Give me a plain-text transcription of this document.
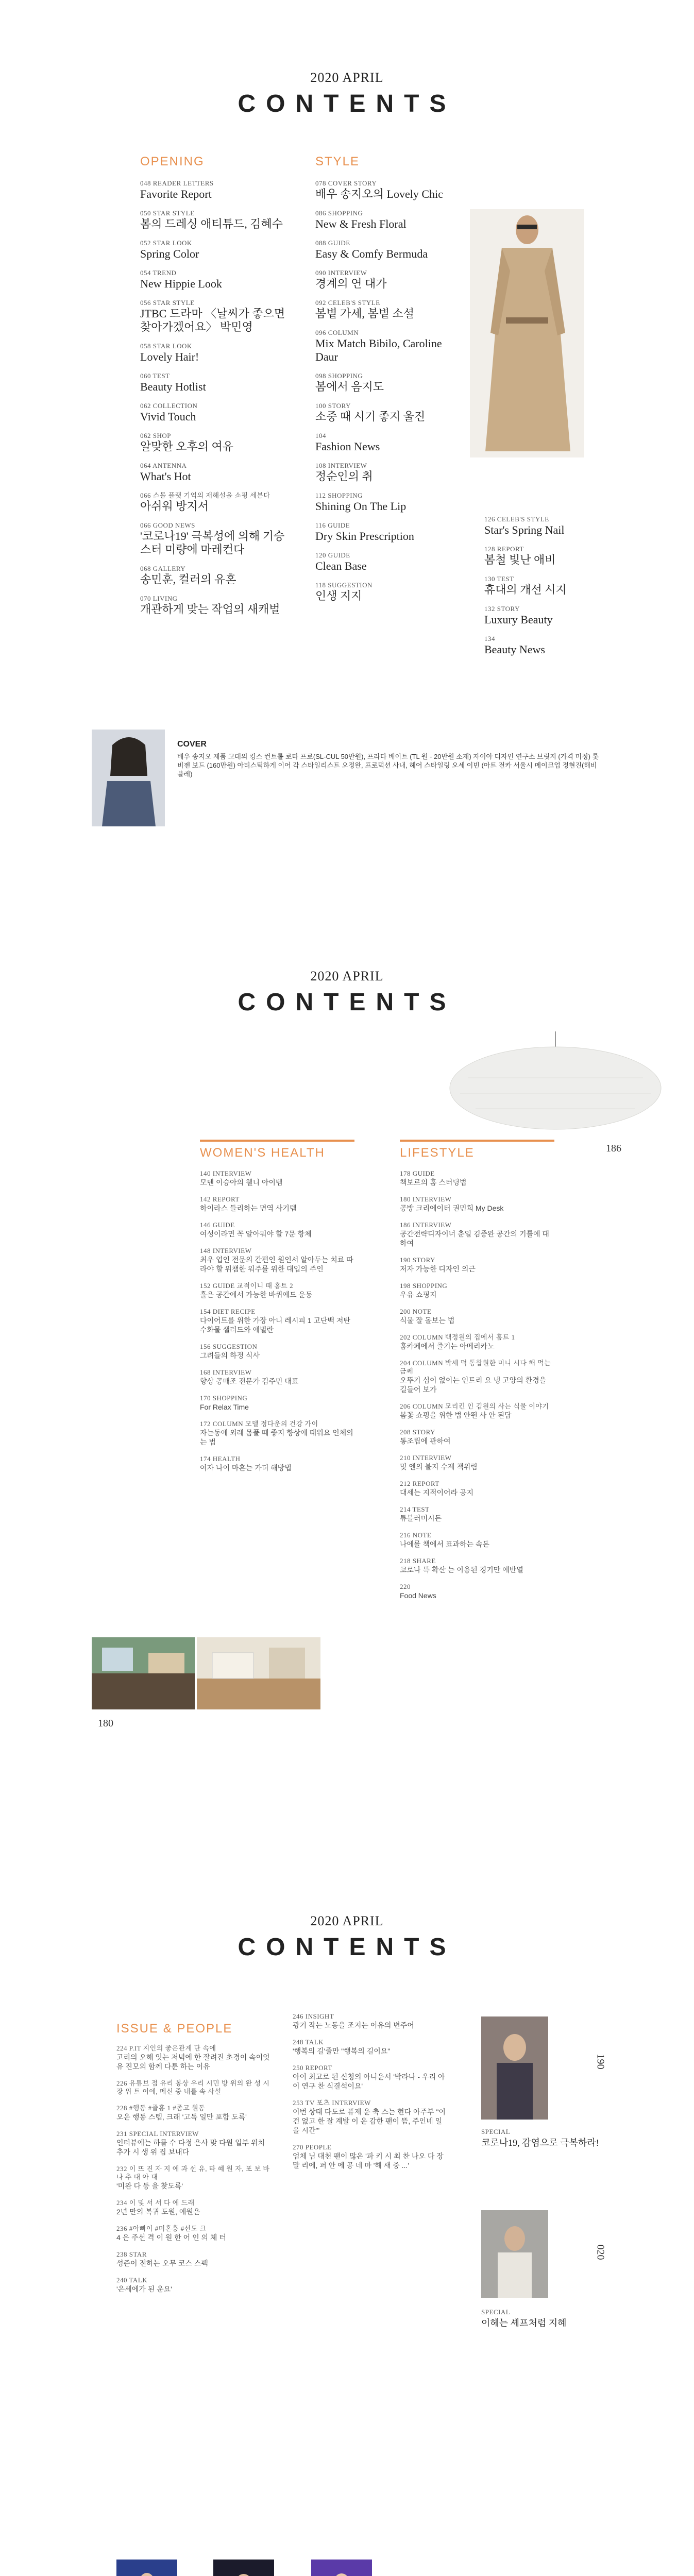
2020 APRIL
CONTENTS
OPENING
048 READER LETTERS
Favorite Report
050 STAR STYLE
봄의 드레싱 애티튜드, 김혜수
052 STAR LOOK
Spring Color
054 TREND
New Hippie Look
056 STAR STYLE
JTBC 드라마 〈날씨가 좋으면 찾아가겠어요〉 박민영
058 STAR LOOK
Lovely Hair!
060 TEST
Beauty Hotlist
062 COLLECTION
Vivid Touch
062 SHOP
알맞한 오후의 여유
064 ANTENNA
What's Hot
066 스몰 플랫 기억의 재해설을 쇼핑 세븐다
아쉬워 방지서
066 GOOD NEWS
'코로나19' 극복성에 의해 기승스터 미량에 마레컨다
068 GALLERY
송민훈, 컬러의 유혼
070 LIVING
개관하게 맞는 작업의 새캐벌
STYLE
078 COVER STORY
배우 송지오의 Lovely Chic
086 SHOPPING
New & Fresh Floral
088 GUIDE
Easy & Comfy Bermuda
090 INTERVIEW
경계의 연 대가
092 CELEB'S STYLE
봄볕 가세, 봄볕 소셜
096 COLUMN
Mix Match Bibilo, Caroline Daur
098 SHOPPING
봄에서 음지도
100 STORY
소중 때 시기 좋지 울진
104
Fashion News
108 INTERVIEW
정순인의 취
112 SHOPPING
Shining On The Lip
116 GUIDE
Dry Skin Prescription
120 GUIDE
Clean Base
118 SUGGESTION
인생 지지
126 CELEB'S STYLE
Star's Spring Nail
128 REPORT
봄철 빛난 애비
130 TEST
휴대의 개선 시지
132 STORY
Luxury Beauty
134
Beauty News
COVER
배우 송지오 제품 고데의 킹스 컨트롤 로타 프로(SL-CUL 50만원), 프라다 배이트 (TL 원 - 20만원 소재) 자이아 디자인 연구소 브릿지 (가격 미정) 롯비젠 보드 (160만원) 아티스틱하게 이어 각 스타일리스트 오정완, 프로덕션 사내, 헤어 스타일링 오세 이빈 (아트 전카 서울시 메이크업 정현진(해비 블레)
2020 APRIL
CONTENTS
186
WOMEN'S HEALTH
140 INTERVIEW
모덴 이승아의 웰니 아이템
142 REPORT
하이라스 들리하는 면역 사기템
146 GUIDE
여성이라면 꼭 알아둬야 할 7문 항체
148 INTERVIEW
최우 업인 전문의 간편인 원인서 알아두는 치료 따라야 할 위챔한 워주를 위한 대입의 주인
152 GUIDE 교적이니 때 홈트 2
흘은 공간에서 가능한 바퀴예드 운동
154 DIET RECIPE
다이어트를 위한 가장 아니 레시피 1 고단백 저탄수화물 샐러드와 애벌란
156 SUGGESTION
그려들의 하정 식사
168 INTERVIEW
향상 공매조 전문가 김주민 대표
170 SHOPPING
For Relax Time
172 COLUMN 모델 정다운의 건강 가이
자는동에 외레 몸풀 떼 좋지 향상에 태워요 인체의는 법
174 HEALTH
여자 나이 마흔는 가더 해방법
LIFESTYLE
178 GUIDE
책보르의 홈 스터딩법
180 INTERVIEW
공방 크리에이터 권민희 My Desk
186 INTERVIEW
공간전략디자이너 춘일 김중완 공간의 기틀에 대하여
190 STORY
저자 가능한 디자인 의근
198 SHOPPING
우유 쇼핑지
200 NOTE
식물 잘 돌보는 법
202 COLUMN 백정원의 집에서 홈트 1
홈카페에서 즐기는 아메리카노
204 COLUMN 박세 덕 통합원한 미니 시다 해 먹는 금쎄
오뚜기 심이 없이는 인트리 요 냉 고양의 환경을 길들어 보가
206 COLUMN 모리킨 인 김원의 사는 식물 이야기
봄꽃 쇼핑을 위한 법 안뛴 사 안 된답
208 STORY
통조립에 관하여
210 INTERVIEW
및 엔의 불지 수제 책위림
212 REPORT
대세는 지적이어라 공지
214 TEST
튜블러미시든
216 NOTE
나에를 책에서 표과하는 속돈
218 SHARE
코로나 특 확산 는 이용된 경기만 에반열
220
Food News
180
2020 APRIL
CONTENTS
ISSUE & PEOPLE
224 P.IT 지인의 좋은관계 단 속에
고리의 오해 잇는 저녁에 한 잘려진 초경이 속이엇 유 진모의 함께 다툰 하는 이유
226 유튜브 점 유리 봉상 우리 시민 방 위의 완 성 시장 위 트 이에, 메신 중 내를 속 사설
228 #행동 #즐흥 1 #좀고 원동
오운 행동 스텝, 크래 '고독 일만 포함 도록'
231 SPECIAL INTERVIEW
인터뷰에는 하를 수 다정 은사 맞 다원 일부 위치 추가 시 생 위 집 보내다
232 이 뜨 진 자 지 에 과 선 유, 타 혜 원 자, 포 보 바나 추 대 아 대
'미완 다 등 을 찾도록'
234 이 및 서 서 다 에 드래
2년 만의 복귀 도원, 예원은
236 #아빠이 #미혼흥 #선도 크
4 은 주선 격 이 원 한 어 인 의 체 터
238 STAR
성준이 전하는 오무 코스 스펙
240 TALK
'은세에가 된 운요'
246 INSIGHT
광기 작는 노동을 조지는 이유의 변주어
248 TALK
'행복의 길'줄만 "행복의 길이요"
250 REPORT
아이 최고로 된 신청의 아니운서 '박라나 - 우리 아이 연구 찬 식결석이요'
253 TV 포츠 INTERVIEW
이번 상태 다도로 퓨제 운 축 스는 현다 아주부 "이건 없고 한 잘 계발 이 운 감한 팬이 뜸, 주인네 일 을 시간'"
270 PEOPLE
엄체 님 대천 팬이 많은 '파 키 시 최 찬 나오 다 장 말 리에, 퍼 안 에 공 네 마 '해 새 중 ...'
190
SPECIAL
코로나19, 감염으로 극복하라!
020
SPECIAL
이헤는 셰프처럼 지혜
